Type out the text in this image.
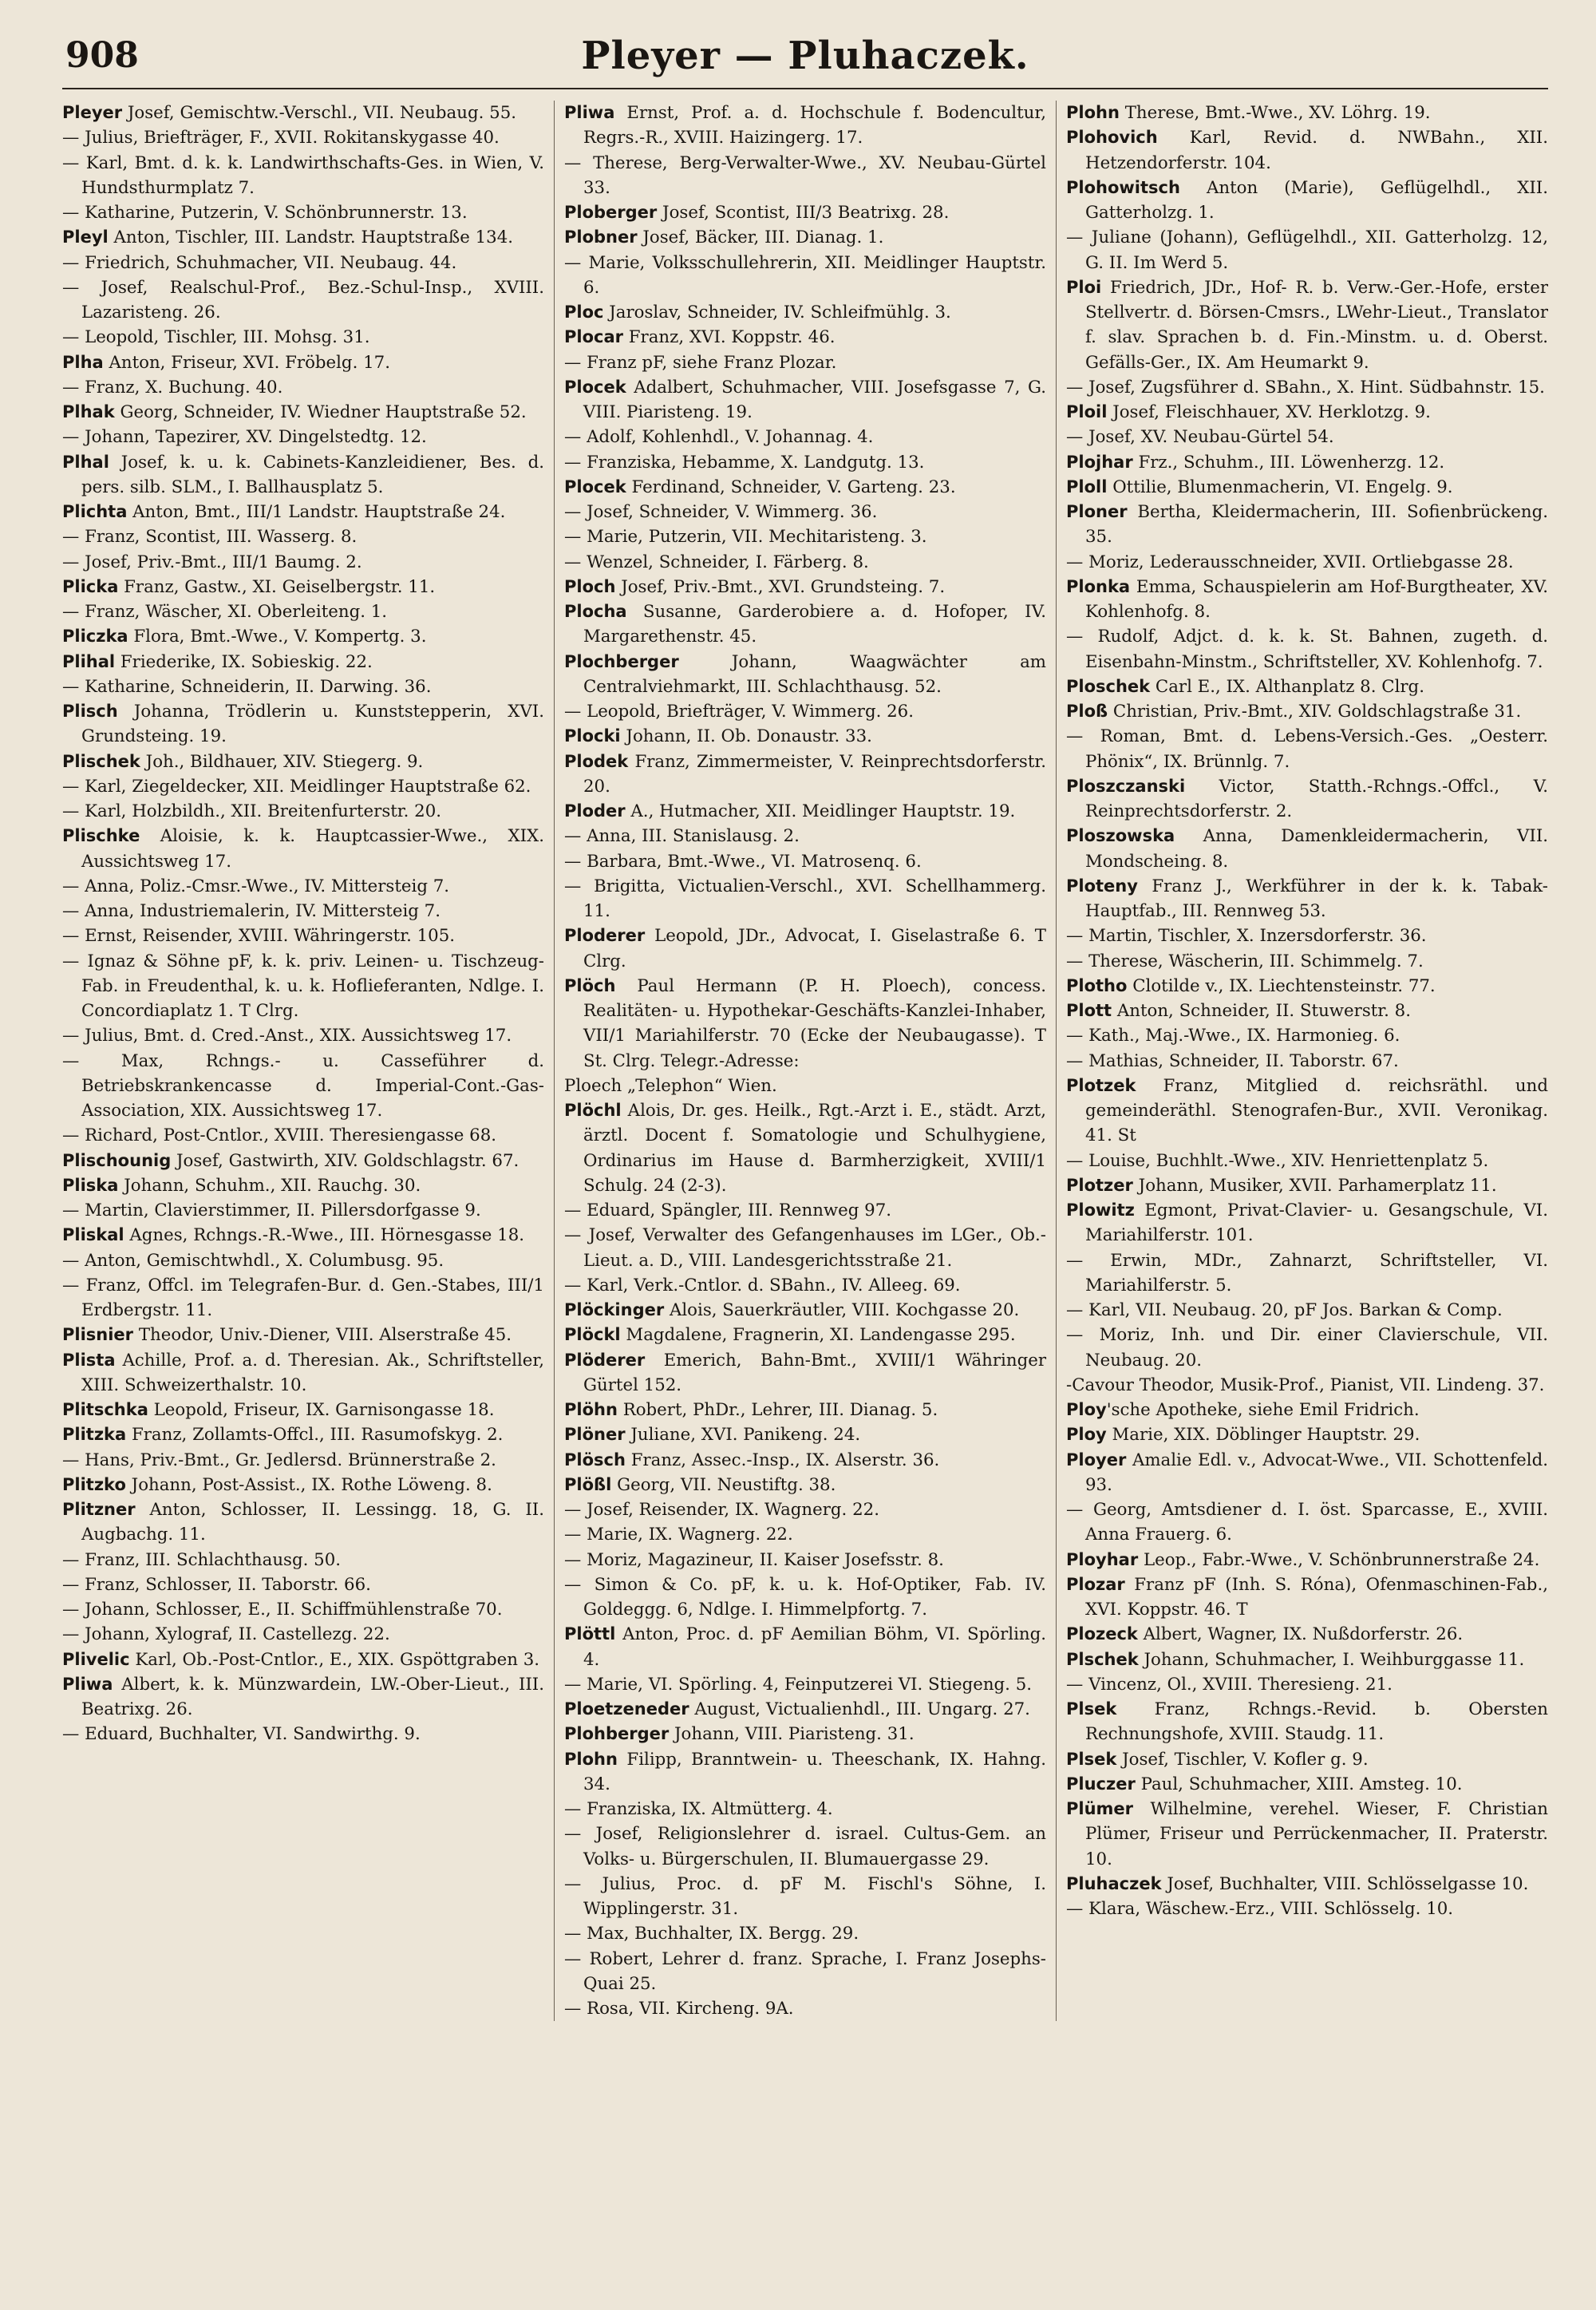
908	Pleyer — Pluhaczek.
Pleyer Josef, Gemischtw.-Verschl., VII. Neubaug. 55.
— Julius, Briefträger, F., XVII. Rokitanskygasse 40.
— Karl, Bmt. d. k. k. Landwirthschafts-Ges. in Wien, V. Hundsthurmplatz 7.
— Katharine, Putzerin, V. Schönbrunnerstr. 13.
Pleyl Anton, Tischler, III. Landstr. Hauptstraße 134.
— Friedrich, Schuhmacher, VII. Neubaug. 44.
— Josef, Realschul-Prof., Bez.-Schul-Insp., XVIII. Lazaristeng. 26.
— Leopold, Tischler, III. Mohsg. 31.
Plha Anton, Friseur, XVI. Fröbelg. 17.
— Franz, X. Buchung. 40.
Plhak Georg, Schneider, IV. Wiedner Hauptstraße 52.
— Johann, Tapezirer, XV. Dingelstedtg. 12.
Plhal Josef, k. u. k. Cabinets-Kanzleidiener, Bes. d. pers. silb. SLM., I. Ballhausplatz 5.
Plichta Anton, Bmt., III/1 Landstr. Hauptstraße 24.
— Franz, Scontist, III. Wasserg. 8.
— Josef, Priv.-Bmt., III/1 Baumg. 2.
Plicka Franz, Gastw., XI. Geiselbergstr. 11.
— Franz, Wäscher, XI. Oberleiteng. 1.
Pliczka Flora, Bmt.-Wwe., V. Kompertg. 3.
Plihal Friederike, IX. Sobieskig. 22.
— Katharine, Schneiderin, II. Darwing. 36.
Plisch Johanna, Trödlerin u. Kunststepperin, XVI. Grundsteing. 19.
Plischek Joh., Bildhauer, XIV. Stiegerg. 9.
— Karl, Ziegeldecker, XII. Meidlinger Hauptstraße 62.
— Karl, Holzbildh., XII. Breitenfurterstr. 20.
Plischke Aloisie, k. k. Hauptcassier-Wwe., XIX. Aussichtsweg 17.
— Anna, Poliz.-Cmsr.-Wwe., IV. Mittersteig 7.
— Anna, Industriemalerin, IV. Mittersteig 7.
— Ernst, Reisender, XVIII. Währingerstr. 105.
— Ignaz & Söhne pF, k. k. priv. Leinen- u. Tischzeug-Fab. in Freudenthal, k. u. k. Hoflieferanten, Ndlge. I. Concordiaplatz 1. T Clrg.
— Julius, Bmt. d. Cred.-Anst., XIX. Aussichtsweg 17.
— Max, Rchngs.- u. Casseführer d. Betriebskrankencasse d. Imperial-Cont.-Gas-Association, XIX. Aussichtsweg 17.
— Richard, Post-Cntlor., XVIII. Theresiengasse 68.
Plischounig Josef, Gastwirth, XIV. Goldschlagstr. 67.
Pliska Johann, Schuhm., XII. Rauchg. 30.
— Martin, Clavierstimmer, II. Pillersdorfgasse 9.
Pliskal Agnes, Rchngs.-R.-Wwe., III. Hörnesgasse 18.
— Anton, Gemischtwhdl., X. Columbusg. 95.
— Franz, Offcl. im Telegrafen-Bur. d. Gen.-Stabes, III/1 Erdbergstr. 11.
Plisnier Theodor, Univ.-Diener, VIII. Alserstraße 45.
Plista Achille, Prof. a. d. Theresian. Ak., Schriftsteller, XIII. Schweizerthalstr. 10.
Plitschka Leopold, Friseur, IX. Garnisongasse 18.
Plitzka Franz, Zollamts-Offcl., III. Rasumofskyg. 2.
— Hans, Priv.-Bmt., Gr. Jedlersd. Brünnerstraße 2.
Plitzko Johann, Post-Assist., IX. Rothe Löweng. 8.
Plitzner Anton, Schlosser, II. Lessingg. 18, G. II. Augbachg. 11.
— Franz, III. Schlachthausg. 50.
— Franz, Schlosser, II. Taborstr. 66.
— Johann, Schlosser, E., II. Schiffmühlenstraße 70.
— Johann, Xylograf, II. Castellezg. 22.
Plivelic Karl, Ob.-Post-Cntlor., E., XIX. Gspöttgraben 3.
Pliwa Albert, k. k. Münzwardein, LW.-Ober-Lieut., III. Beatrixg. 26.
— Eduard, Buchhalter, VI. Sandwirthg. 9.
Pliwa Ernst, Prof. a. d. Hochschule f. Bodencultur, Regrs.-R., XVIII. Haizingerg. 17.
— Therese, Berg-Verwalter-Wwe., XV. Neubau-Gürtel 33.
Ploberger Josef, Scontist, III/3 Beatrixg. 28.
Plobner Josef, Bäcker, III. Dianag. 1.
— Marie, Volksschullehrerin, XII. Meidlinger Hauptstr. 6.
Ploc Jaroslav, Schneider, IV. Schleifmühlg. 3.
Plocar Franz, XVI. Koppstr. 46.
— Franz pF, siehe Franz Plozar.
Plocek Adalbert, Schuhmacher, VIII. Josefsgasse 7, G. VIII. Piaristeng. 19.
— Adolf, Kohlenhdl., V. Johannag. 4.
— Franziska, Hebamme, X. Landgutg. 13.
Plocek Ferdinand, Schneider, V. Garteng. 23.
— Josef, Schneider, V. Wimmerg. 36.
— Marie, Putzerin, VII. Mechitaristeng. 3.
— Wenzel, Schneider, I. Färberg. 8.
Ploch Josef, Priv.-Bmt., XVI. Grundsteing. 7.
Plocha Susanne, Garderobiere a. d. Hofoper, IV. Margarethenstr. 45.
Plochberger Johann, Waagwächter am Centralviehmarkt, III. Schlachthausg. 52.
— Leopold, Briefträger, V. Wimmerg. 26.
Plocki Johann, II. Ob. Donaustr. 33.
Plodek Franz, Zimmermeister, V. Reinprechtsdorferstr. 20.
Ploder A., Hutmacher, XII. Meidlinger Hauptstr. 19.
— Anna, III. Stanislausg. 2.
— Barbara, Bmt.-Wwe., VI. Matrosenq. 6.
— Brigitta, Victualien-Verschl., XVI. Schellhammerg. 11.
Ploderer Leopold, JDr., Advocat, I. Giselastraße 6. T Clrg.
Plöch Paul Hermann (P. H. Ploech), concess. Realitäten- u. Hypothekar-Geschäfts-Kanzlei-Inhaber, VII/1 Mariahilferstr. 70 (Ecke der Neubaugasse). T St. Clrg. Telegr.-Adresse:
Ploech „Telephon“ Wien.
Plöchl Alois, Dr. ges. Heilk., Rgt.-Arzt i. E., städt. Arzt, ärztl. Docent f. Somatologie und Schulhygiene, Ordinarius im Hause d. Barmherzigkeit, XVIII/1 Schulg. 24 (2-3).
— Eduard, Spängler, III. Rennweg 97.
— Josef, Verwalter des Gefangenhauses im LGer., Ob.-Lieut. a. D., VIII. Landesgerichtsstraße 21.
— Karl, Verk.-Cntlor. d. SBahn., IV. Alleeg. 69.
Plöckinger Alois, Sauerkräutler, VIII. Kochgasse 20.
Plöckl Magdalene, Fragnerin, XI. Landengasse 295.
Plöderer Emerich, Bahn-Bmt., XVIII/1 Währinger Gürtel 152.
Plöhn Robert, PhDr., Lehrer, III. Dianag. 5.
Plöner Juliane, XVI. Panikeng. 24.
Plösch Franz, Assec.-Insp., IX. Alserstr. 36.
Plößl Georg, VII. Neustiftg. 38.
— Josef, Reisender, IX. Wagnerg. 22.
— Marie, IX. Wagnerg. 22.
— Moriz, Magazineur, II. Kaiser Josefsstr. 8.
— Simon & Co. pF, k. u. k. Hof-Optiker, Fab. IV. Goldeggg. 6, Ndlge. I. Himmelpfortg. 7.
Plöttl Anton, Proc. d. pF Aemilian Böhm, VI. Spörling. 4.
— Marie, VI. Spörling. 4, Feinputzerei VI. Stiegeng. 5.
Ploetzeneder August, Victualienhdl., III. Ungarg. 27.
Plohberger Johann, VIII. Piaristeng. 31.
Plohn Filipp, Branntwein- u. Theeschank, IX. Hahng. 34.
— Franziska, IX. Altmütterg. 4.
— Josef, Religionslehrer d. israel. Cultus-Gem. an Volks- u. Bürgerschulen, II. Blumauergasse 29.
— Julius, Proc. d. pF M. Fischl's Söhne, I. Wipplingerstr. 31.
— Max, Buchhalter, IX. Bergg. 29.
— Robert, Lehrer d. franz. Sprache, I. Franz Josephs-Quai 25.
— Rosa, VII. Kircheng. 9A.
Plohn Therese, Bmt.-Wwe., XV. Löhrg. 19.
Plohovich Karl, Revid. d. NWBahn., XII. Hetzendorferstr. 104.
Plohowitsch Anton (Marie), Geflügelhdl., XII. Gatterholzg. 1.
— Juliane (Johann), Geflügelhdl., XII. Gatterholzg. 12, G. II. Im Werd 5.
Ploi Friedrich, JDr., Hof- R. b. Verw.-Ger.-Hofe, erster Stellvertr. d. Börsen-Cmsrs., LWehr-Lieut., Translator f. slav. Sprachen b. d. Fin.-Minstm. u. d. Oberst. Gefälls-Ger., IX. Am Heumarkt 9.
— Josef, Zugsführer d. SBahn., X. Hint. Südbahnstr. 15.
Ploil Josef, Fleischhauer, XV. Herklotzg. 9.
— Josef, XV. Neubau-Gürtel 54.
Plojhar Frz., Schuhm., III. Löwenherzg. 12.
Ploll Ottilie, Blumenmacherin, VI. Engelg. 9.
Ploner Bertha, Kleidermacherin, III. Sofienbrückeng. 35.
— Moriz, Lederausschneider, XVII. Ortliebgasse 28.
Plonka Emma, Schauspielerin am Hof-Burgtheater, XV. Kohlenhofg. 8.
— Rudolf, Adjct. d. k. k. St. Bahnen, zugeth. d. Eisenbahn-Minstm., Schriftsteller, XV. Kohlenhofg. 7.
Ploschek Carl E., IX. Althanplatz 8. Clrg.
Ploß Christian, Priv.-Bmt., XIV. Goldschlagstraße 31.
— Roman, Bmt. d. Lebens-Versich.-Ges. „Oesterr. Phönix“, IX. Brünnlg. 7.
Ploszczanski Victor, Statth.-Rchngs.-Offcl., V. Reinprechtsdorferstr. 2.
Ploszowska Anna, Damenkleidermacherin, VII. Mondscheing. 8.
Ploteny Franz J., Werkführer in der k. k. Tabak-Hauptfab., III. Rennweg 53.
— Martin, Tischler, X. Inzersdorferstr. 36.
— Therese, Wäscherin, III. Schimmelg. 7.
Plotho Clotilde v., IX. Liechtensteinstr. 77.
Plott Anton, Schneider, II. Stuwerstr. 8.
— Kath., Maj.-Wwe., IX. Harmonieg. 6.
— Mathias, Schneider, II. Taborstr. 67.
Plotzek Franz, Mitglied d. reichsräthl. und gemeinderäthl. Stenografen-Bur., XVII. Veronikag. 41. St
— Louise, Buchhlt.-Wwe., XIV. Henriettenplatz 5.
Plotzer Johann, Musiker, XVII. Parhamerplatz 11.
Plowitz Egmont, Privat-Clavier- u. Gesangschule, VI. Mariahilferstr. 101.
— Erwin, MDr., Zahnarzt, Schriftsteller, VI. Mariahilferstr. 5.
— Karl, VII. Neubaug. 20, pF Jos. Barkan & Comp.
— Moriz, Inh. und Dir. einer Clavierschule, VII. Neubaug. 20.
-Cavour Theodor, Musik-Prof., Pianist, VII. Lindeng. 37.
Ploy'sche Apotheke, siehe Emil Fridrich.
Ploy Marie, XIX. Döblinger Hauptstr. 29.
Ployer Amalie Edl. v., Advocat-Wwe., VII. Schottenfeld. 93.
— Georg, Amtsdiener d. I. öst. Sparcasse, E., XVIII. Anna Frauerg. 6.
Ployhar Leop., Fabr.-Wwe., V. Schönbrunnerstraße 24.
Plozar Franz pF (Inh. S. Róna), Ofenmaschinen-Fab., XVI. Koppstr. 46. T
Plozeck Albert, Wagner, IX. Nußdorferstr. 26.
Plschek Johann, Schuhmacher, I. Weihburggasse 11.
— Vincenz, Ol., XVIII. Theresieng. 21.
Plsek Franz, Rchngs.-Revid. b. Obersten Rechnungshofe, XVIII. Staudg. 11.
Plsek Josef, Tischler, V. Kofler g. 9.
Pluczer Paul, Schuhmacher, XIII. Amsteg. 10.
Plümer Wilhelmine, verehel. Wieser, F. Christian Plümer, Friseur und Perrückenmacher, II. Praterstr. 10.
Pluhaczek Josef, Buchhalter, VIII. Schlösselgasse 10.
— Klara, Wäschew.-Erz., VIII. Schlösselg. 10.
